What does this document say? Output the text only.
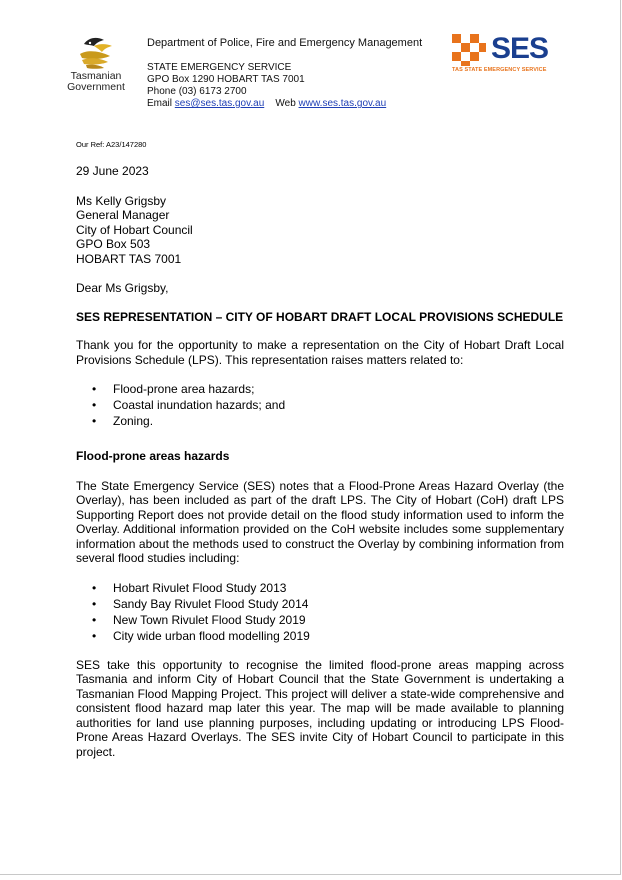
Tasmanian
Government
Department of Police, Fire and Emergency Management
STATE EMERGENCY SERVICE
GPO Box 1290 HOBART TAS 7001
Phone (03) 6173 2700
Email ses@ses.tas.gov.au Web www.ses.tas.gov.au
SES
TAS STATE EMERGENCY SERVICE
Our Ref: A23/147280
29 June 2023
Ms Kelly Grigsby
General Manager
City of Hobart Council
GPO Box 503
HOBART TAS 7001
Dear Ms Grigsby,
SES REPRESENTATION – CITY OF HOBART DRAFT LOCAL PROVISIONS SCHEDULE

Thank you for the opportunity to make a representation on the City of Hobart Draft Local Provisions Schedule (LPS). This representation raises matters related to:

• Flood-prone area hazards;
• Coastal inundation hazards; and
• Zoning.
Flood-prone areas hazards

The State Emergency Service (SES) notes that a Flood-Prone Areas Hazard Overlay (the Overlay), has been included as part of the draft LPS. The City of Hobart (CoH) draft LPS Supporting Report does not provide detail on the flood study information used to inform the Overlay. Additional information provided on the CoH website includes some supplementary information about the methods used to construct the Overlay by combining information from several flood studies including:

• Hobart Rivulet Flood Study 2013
• Sandy Bay Rivulet Flood Study 2014
• New Town Rivulet Flood Study 2019
• City wide urban flood modelling 2019

SES take this opportunity to recognise the limited flood-prone areas mapping across Tasmania and inform City of Hobart Council that the State Government is undertaking a Tasmanian Flood Mapping Project. This project will deliver a state-wide comprehensive and consistent flood hazard map later this year. The map will be made available to planning authorities for land use planning purposes, including updating or introducing LPS Flood-Prone Areas Hazard Overlays. The SES invite City of Hobart Council to participate in this project.
